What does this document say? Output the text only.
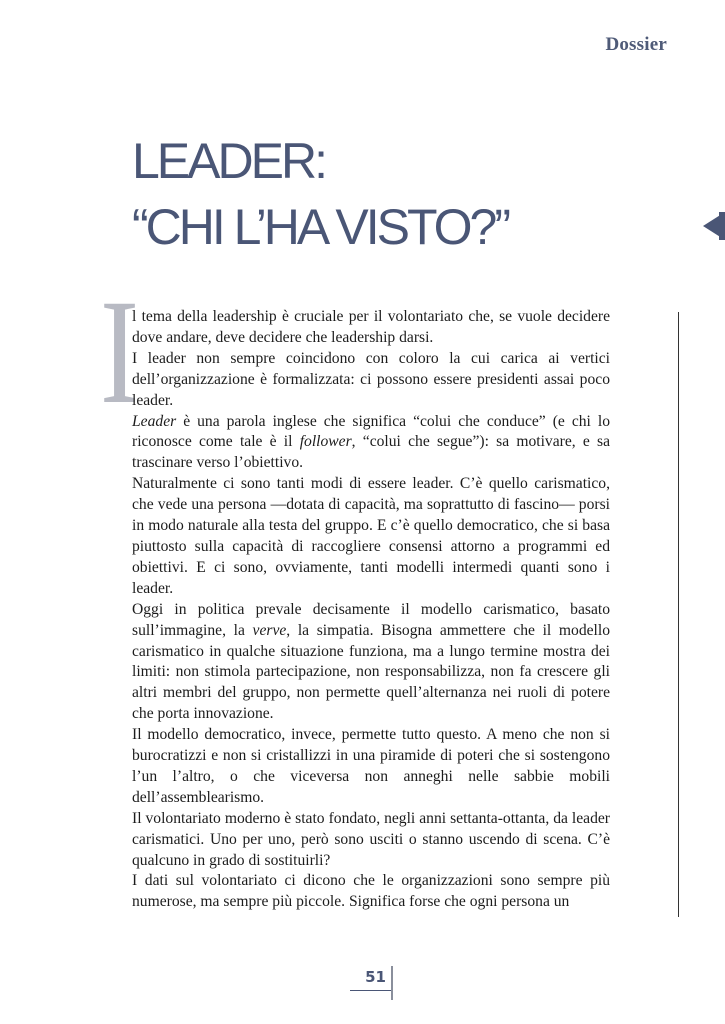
Dossier
LEADER:
“CHI L’HA VISTO?”
I

l tema della leadership è cruciale per il volontariato che, se vuole decidere dove andare, deve decidere che leadership darsi.

I leader non sempre coincidono con coloro la cui carica ai vertici dell’organizzazione è formalizzata: ci possono essere presidenti assai poco leader.

Leader è una parola inglese che significa “colui che conduce” (e chi lo riconosce come tale è il follower, “colui che segue”): sa motivare, e sa trascinare verso l’obiettivo.

Naturalmente ci sono tanti modi di essere leader. C’è quello carismatico, che vede una persona —dotata di capacità, ma soprattutto di fascino— porsi in modo naturale alla testa del gruppo. E c’è quello democratico, che si basa piuttosto sulla capacità di raccogliere consensi attorno a programmi ed obiettivi. E ci sono, ovviamente, tanti modelli intermedi quanti sono i leader.

Oggi in politica prevale decisamente il modello carismatico, basato sull’immagine, la verve, la simpatia. Bisogna ammettere che il modello carismatico in qualche situazione funziona, ma a lungo termine mostra dei limiti: non stimola partecipazione, non responsabilizza, non fa crescere gli altri membri del gruppo, non permette quell’alternanza nei ruoli di potere che porta innovazione.

Il modello democratico, invece, permette tutto questo. A meno che non si burocratizzi e non si cristallizzi in una piramide di poteri che si sostengono l’un l’altro, o che viceversa non anneghi nelle sabbie mobili dell’assemblearismo.

Il volontariato moderno è stato fondato, negli anni settanta-ottanta, da leader carismatici. Uno per uno, però sono usciti o stanno uscendo di scena. C’è qualcuno in grado di sostituirli?

I dati sul volontariato ci dicono che le organizzazioni sono sempre più numerose, ma sempre più piccole. Significa forse che ogni persona un

51
